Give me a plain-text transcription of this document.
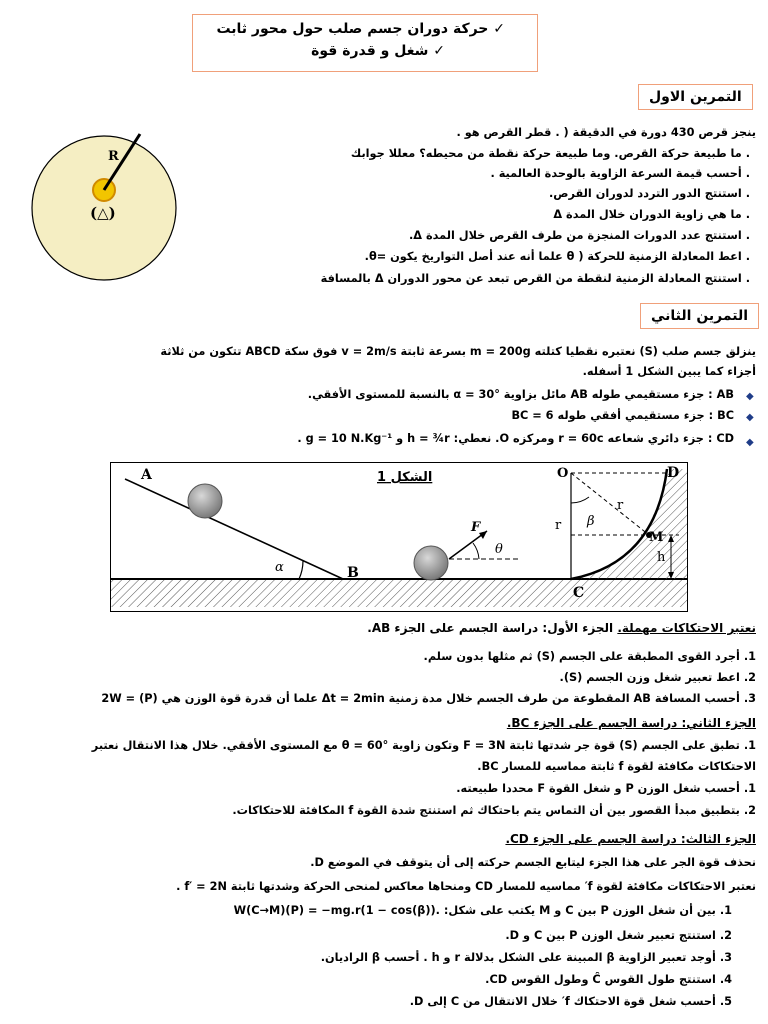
✓ حركة دوران جسم صلب حول محور ثابت
✓ شغل و قدرة قوة
التمرين الاول
R
(△)
ينجز قرص 430 دورة في الدقيقة ( . قطر القرص هو .
. ما طبيعة حركة القرص. وما طبيعة حركة نقطة من محيطه؟ معللا جوابك
. أحسب قيمة السرعة الزاوية بالوحدة العالمية .
. استنتج الدور التردد لدوران القرص.
. ما هي زاوية الدوران خلال المدة Δ
. استنتج عدد الدورات المنجزة من طرف القرص خلال المدة Δ.
. اعط المعادلة الزمنية للحركة ( θ علما أنه عند أصل التواريخ يكون =θ.
. استنتج المعادلة الزمنية لنقطة من القرص تبعد عن محور الدوران Δ بالمسافة
التمرين الثاني
ينزلق جسم صلب (S) نعتبره نقطيا كتلته m = 200g بسرعة ثابتة v = 2m/s فوق سكة ABCD تتكون من ثلاثة
أجزاء كما يبين الشكل 1 أسفله.
◆
AB : جزء مستقيمي طوله AB مائل بزاوية α = 30° بالنسبة للمستوى الأفقي.
◆
BC : جزء مستقيمي أفقي طوله BC = 6
◆
CD : جزء دائري شعاعه r = 60c ومركزه O. نعطي: h = ¾r و g = 10 N.Kg⁻¹ .
A
B
C
D
O
M
h
r
r
β
α
θ
F
الشكل 1
نعتبر الاحتكاكات مهملة. الجزء الأول: دراسة الجسم على الجزء AB.
1. أجرد القوى المطبقة على الجسم (S) ثم مثلها بدون سلم.
2. اعط تعبير شغل وزن الجسم (S).
3. أحسب المسافة AB المقطوعة من طرف الجسم خلال مدة زمنية Δt = 2min علما أن قدرة قوة الوزن هي (P) = 2W
الجزء الثاني: دراسة الجسم على الجزء BC.
1. تطبق على الجسم (S) قوة جر شدتها ثابتة F = 3N وتكون زاوية θ = 60° مع المستوى الأفقي. خلال هذا الانتقال نعتبر
الاحتكاكات مكافئة لقوة f ثابتة مماسيه للمسار BC.
1. أحسب شغل الوزن P و شغل القوة F محددا طبيعته.
2. بتطبيق مبدأ القصور بين أن التماس يتم باحتكاك ثم استنتج شدة القوة f المكافئة للاحتكاكات.
الجزء الثالث: دراسة الجسم على الجزء CD.
نحذف قوة الجر على هذا الجزء ليتابع الجسم حركته إلى أن يتوقف في الموضع D.
نعتبر الاحتكاكات مكافئة لقوة f′ مماسيه للمسار CD ومنحاها معاكس لمنحى الحركة وشدتها ثابتة f′ = 2N .
1. بين أن شغل الوزن P بين C و M يكتب على شكل: .W(C→M)(P) = −mg.r(1 − cos(β))
2. استنتج تعبير شغل الوزن P بين C و D.
3. أوجد تعبير الزاوية β المبينة على الشكل بدلالة r و h . أحسب β الراديان.
4. استنتج طول القوس Ĉ وطول القوس CD.
5. أحسب شغل قوة الاحتكاك f′ خلال الانتقال من C إلى D.
